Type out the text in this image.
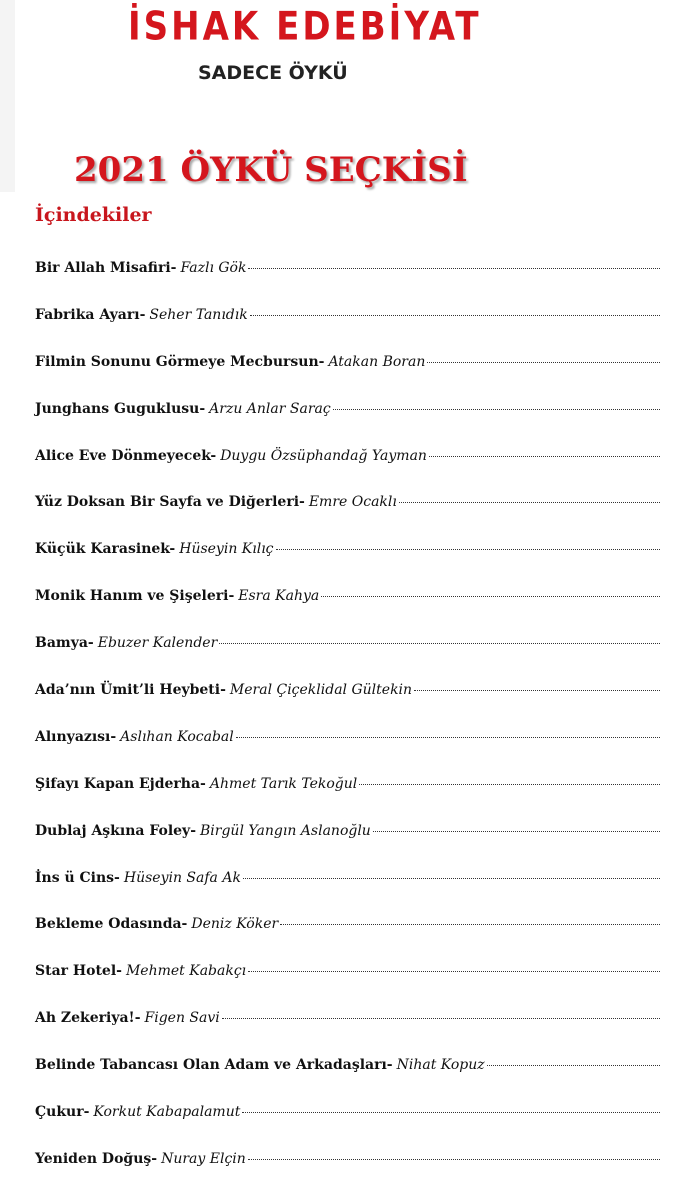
İSHAK EDEBİYAT
SADECE ÖYKÜ
2021 ÖYKÜ SEÇKİSİ
İçindekiler
Bir Allah Misafiri- Fazlı Gök
Fabrika Ayarı- Seher Tanıdık
Filmin Sonunu Görmeye Mecbursun- Atakan Boran
Junghans Guguklusu- Arzu Anlar Saraç
Alice Eve Dönmeyecek- Duygu Özsüphandağ Yayman
Yüz Doksan Bir Sayfa ve Diğerleri- Emre Ocaklı
Küçük Karasinek- Hüseyin Kılıç
Monik Hanım ve Şişeleri- Esra Kahya
Bamya- Ebuzer Kalender
Ada’nın Ümit’li Heybeti- Meral Çiçeklidal Gültekin
Alınyazısı- Aslıhan Kocabal
Şifayı Kapan Ejderha- Ahmet Tarık Tekoğul
Dublaj Aşkına Foley- Birgül Yangın Aslanoğlu
İns ü Cins- Hüseyin Safa Ak
Bekleme Odasında- Deniz Köker
Star Hotel- Mehmet Kabakçı
Ah Zekeriya!- Figen Savi
Belinde Tabancası Olan Adam ve Arkadaşları- Nihat Kopuz
Çukur- Korkut Kabapalamut
Yeniden Doğuş- Nuray Elçin
